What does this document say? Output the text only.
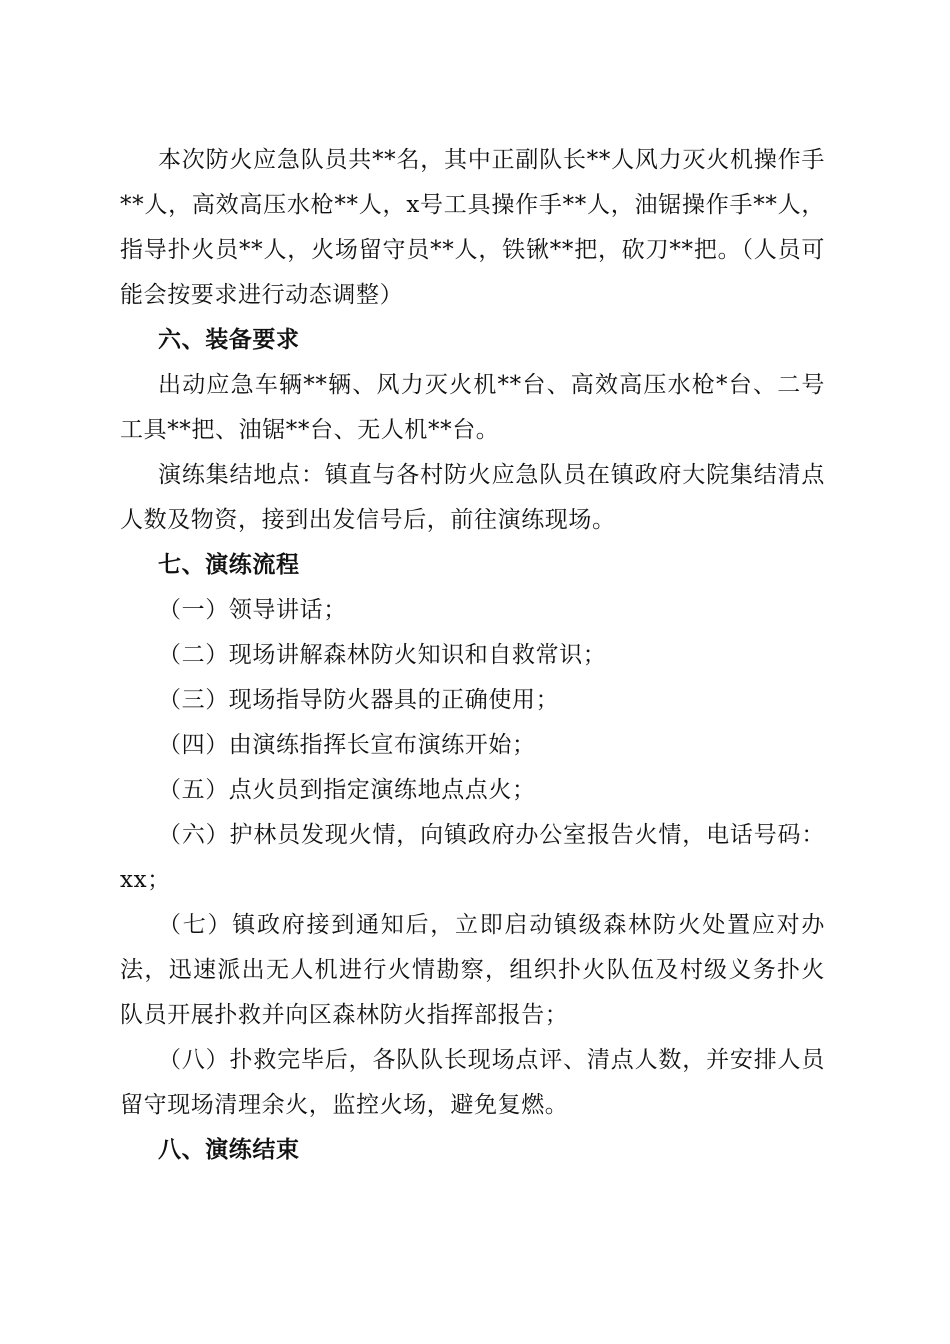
本次防火应急队员共**名，其中正副队长**人风力灭火机操作手**人，高效高压水枪**人，x号工具操作手**人，油锯操作手**人，指导扑火员**人，火场留守员**人，铁锹**把，砍刀**把。（人员可能会按要求进行动态调整）

六、装备要求

出动应急车辆**辆、风力灭火机**台、高效高压水枪*台、二号工具**把、油锯**台、无人机**台。

演练集结地点：镇直与各村防火应急队员在镇政府大院集结清点人数及物资，接到出发信号后，前往演练现场。

七、演练流程

（一）领导讲话；

（二）现场讲解森林防火知识和自救常识；

（三）现场指导防火器具的正确使用；

（四）由演练指挥长宣布演练开始；

（五）点火员到指定演练地点点火；

（六）护林员发现火情，向镇政府办公室报告火情，电话号码：xx；

（七）镇政府接到通知后，立即启动镇级森林防火处置应对办法，迅速派出无人机进行火情勘察，组织扑火队伍及村级义务扑火队员开展扑救并向区森林防火指挥部报告；

（八）扑救完毕后，各队队长现场点评、清点人数，并安排人员留守现场清理余火，监控火场，避免复燃。

八、演练结束
